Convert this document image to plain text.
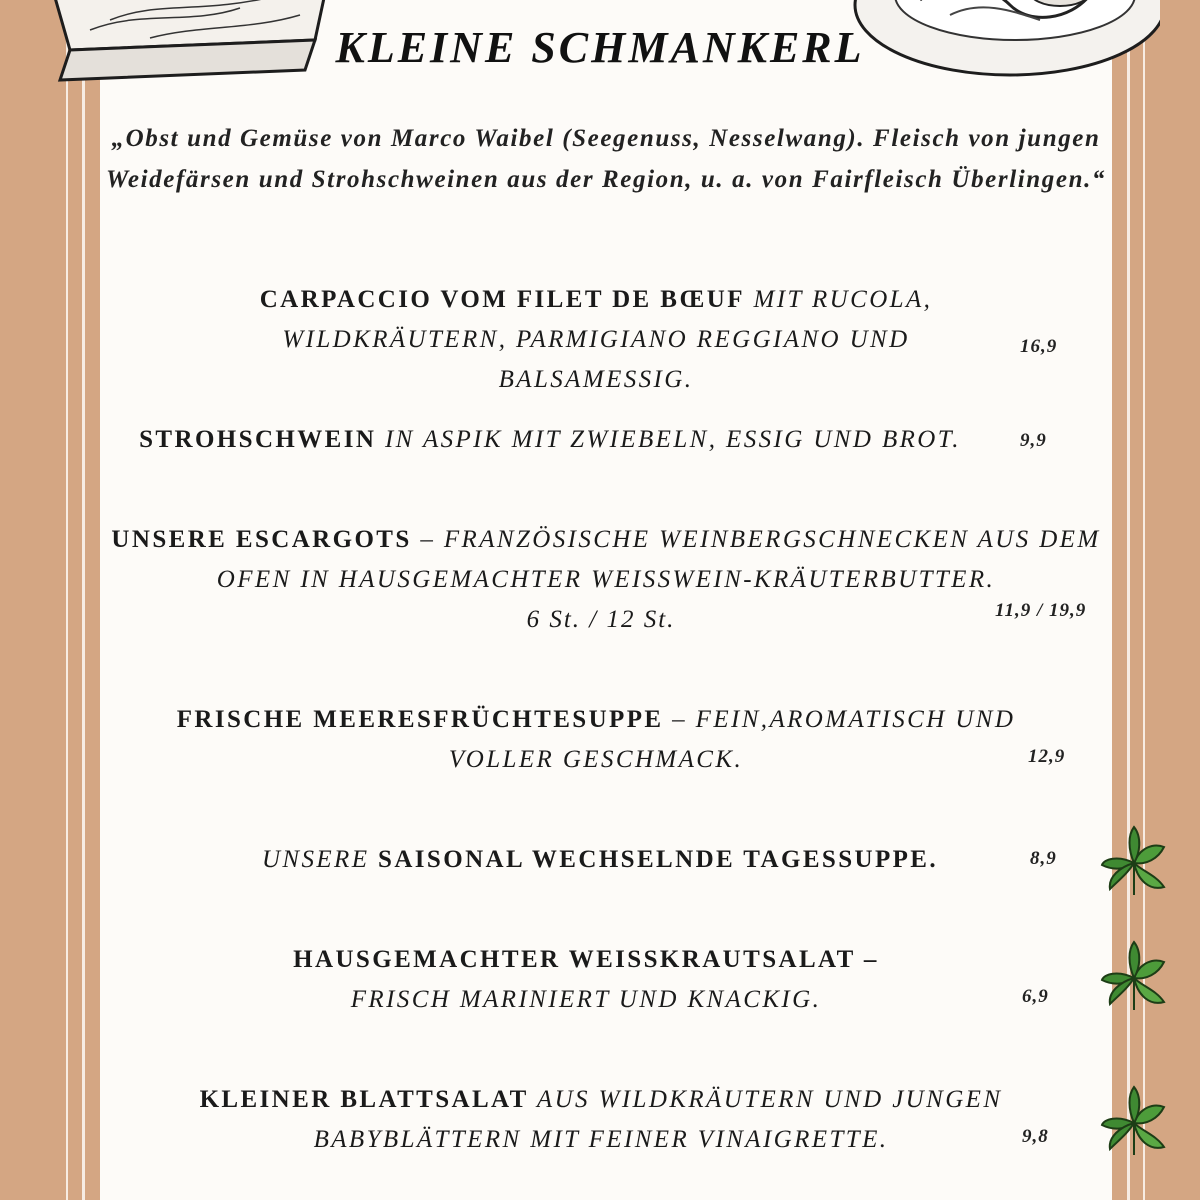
KLEINE SCHMANKERL
„Obst und Gemüse von Marco Waibel (Seegenuss, Nesselwang). Fleisch von jungen Weidefärsen und Strohschweinen aus der Region, u. a. von Fairfleisch Überlingen.“
CARPACCIO VOM FILET DE BŒUF MIT RUCOLA, WILDKRÄUTERN, PARMIGIANO REGGIANO UND BALSAMESSIG.
16,9
STROHSCHWEIN IN ASPIK MIT ZWIEBELN, ESSIG UND BROT.	9,9
UNSERE ESCARGOTS – FRANZÖSISCHE WEINBERGSCHNECKEN AUS DEM OFEN IN HAUSGEMACHTER WEISSWEIN-KRÄUTERBUTTER.
6 St. / 12 St.	11,9 / 19,9
FRISCHE MEERESFRÜCHTESUPPE – FEIN,AROMATISCH UND VOLLER GESCHMACK.	12,9
UNSERE SAISONAL WECHSELNDE TAGESSUPPE.	8,9
HAUSGEMACHTER WEISSKRAUTSALAT – FRISCH MARINIERT UND KNACKIG.	6,9
KLEINER BLATTSALAT AUS WILDKRÄUTERN UND JUNGEN BABYBLÄTTERN MIT FEINER VINAIGRETTE.	9,8
